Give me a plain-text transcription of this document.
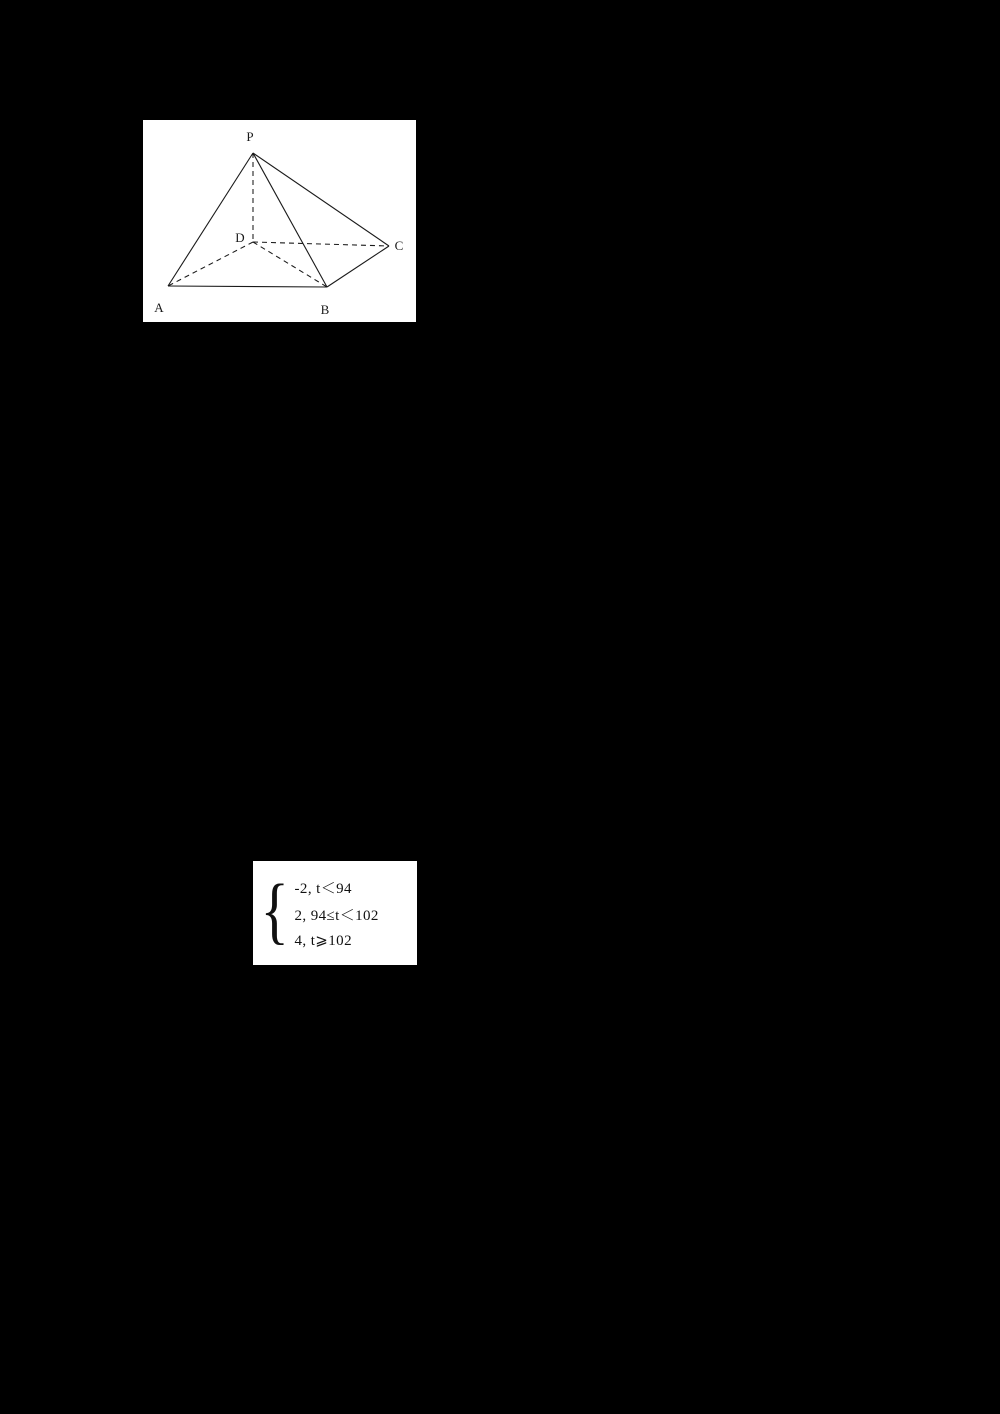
P
D
C
A	B
{ -2, t＜94
2, 94≤t＜102
4, t⩾102
